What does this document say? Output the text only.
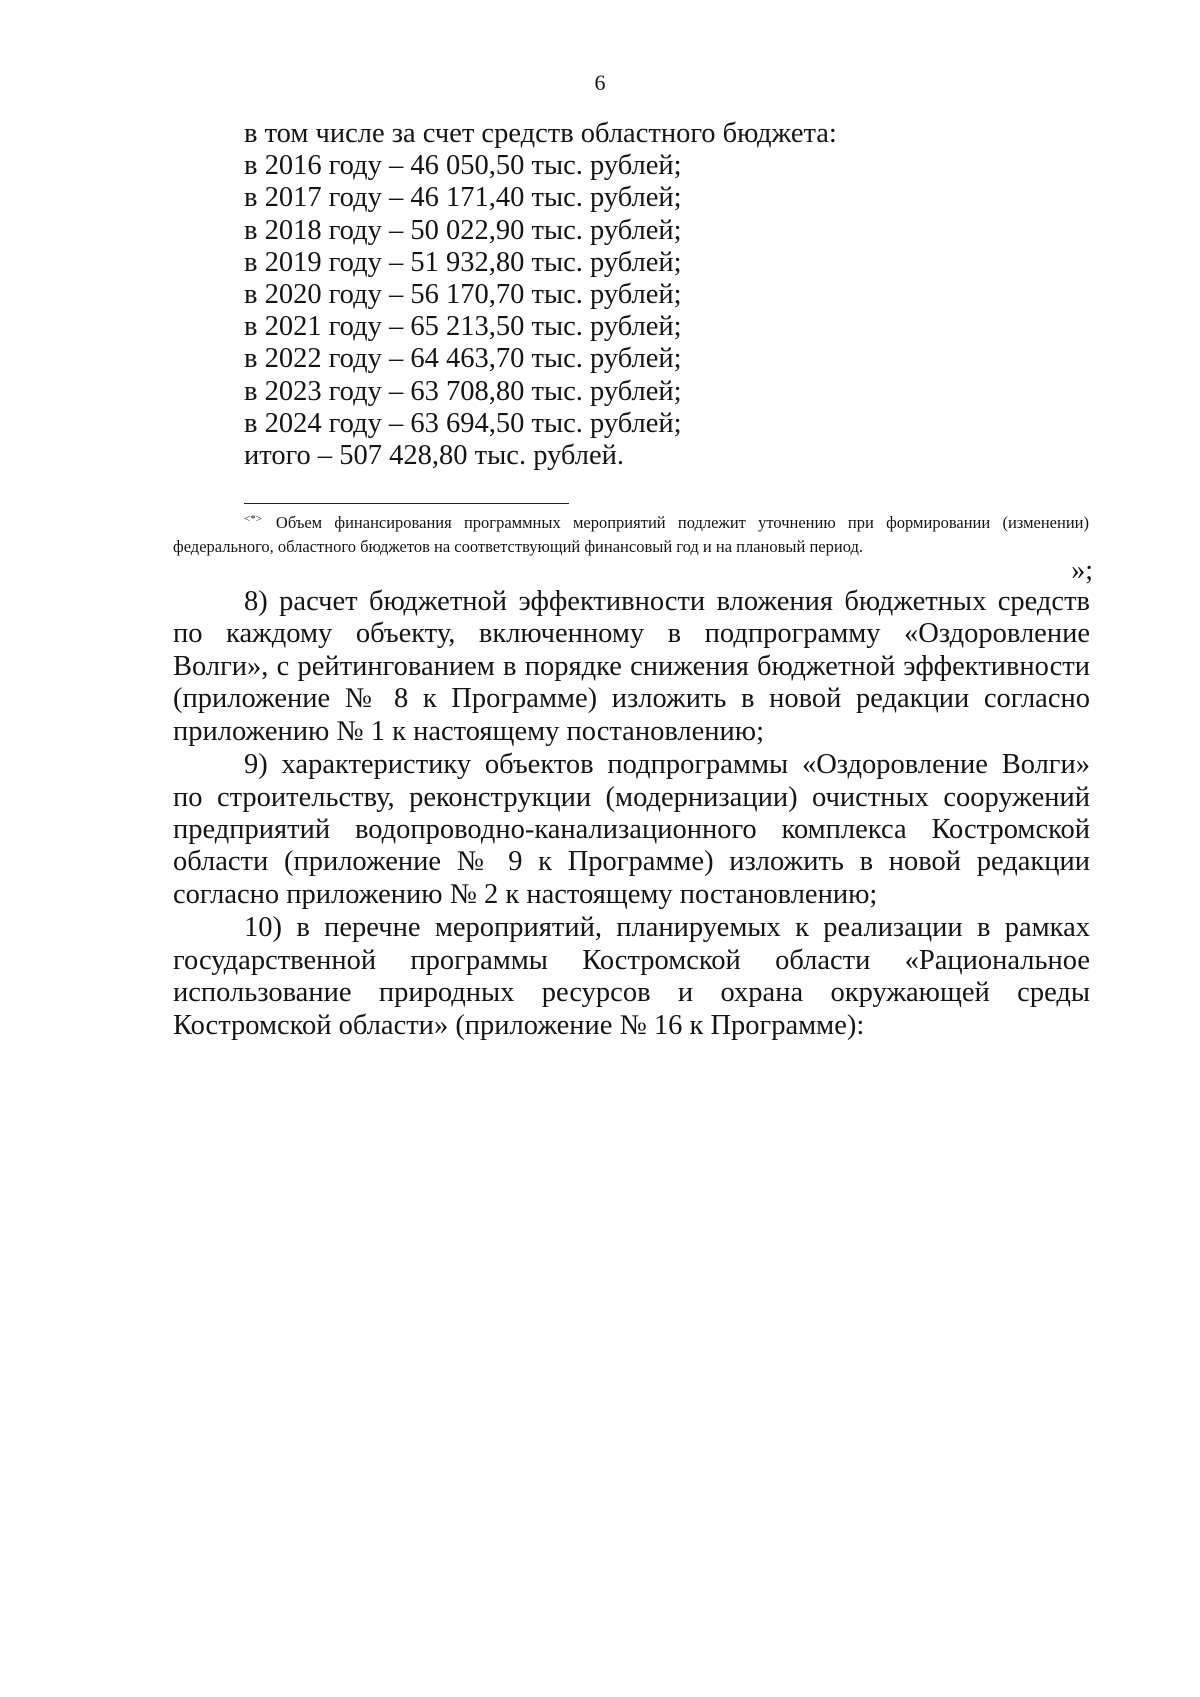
6
в том числе за счет средств областного бюджета:
в 2016 году – 46 050,50 тыс. рублей;
в 2017 году – 46 171,40 тыс. рублей;
в 2018 году – 50 022,90 тыс. рублей;
в 2019 году – 51 932,80 тыс. рублей;
в 2020 году – 56 170,70 тыс. рублей;
в 2021 году – 65 213,50 тыс. рублей;
в 2022 году – 64 463,70 тыс. рублей;
в 2023 году – 63 708,80 тыс. рублей;
в 2024 году – 63 694,50 тыс. рублей;
итого – 507 428,80 тыс. рублей.
<*> Объем финансирования программных мероприятий подлежит уточнению при формировании (изменении) федерального, областного бюджетов на соответствующий финансовый год и на плановый период.
»;

8) расчет бюджетной эффективности вложения бюджетных средств по каждому объекту, включенному в подпрограмму «Оздоровление Волги», с рейтингованием в порядке снижения бюджетной эффективности (приложение № 8 к Программе) изложить в новой редакции согласно приложению № 1 к настоящему постановлению;

9) характеристику объектов подпрограммы «Оздоровление Волги» по строительству, реконструкции (модернизации) очистных сооружений предприятий водопроводно-канализационного комплекса Костромской области (приложение № 9 к Программе) изложить в новой редакции согласно приложению № 2 к настоящему постановлению;

10) в перечне мероприятий, планируемых к реализации в рамках государственной программы Костромской области «Рациональное использование природных ресурсов и охрана окружающей среды Костромской области» (приложение № 16 к Программе):
